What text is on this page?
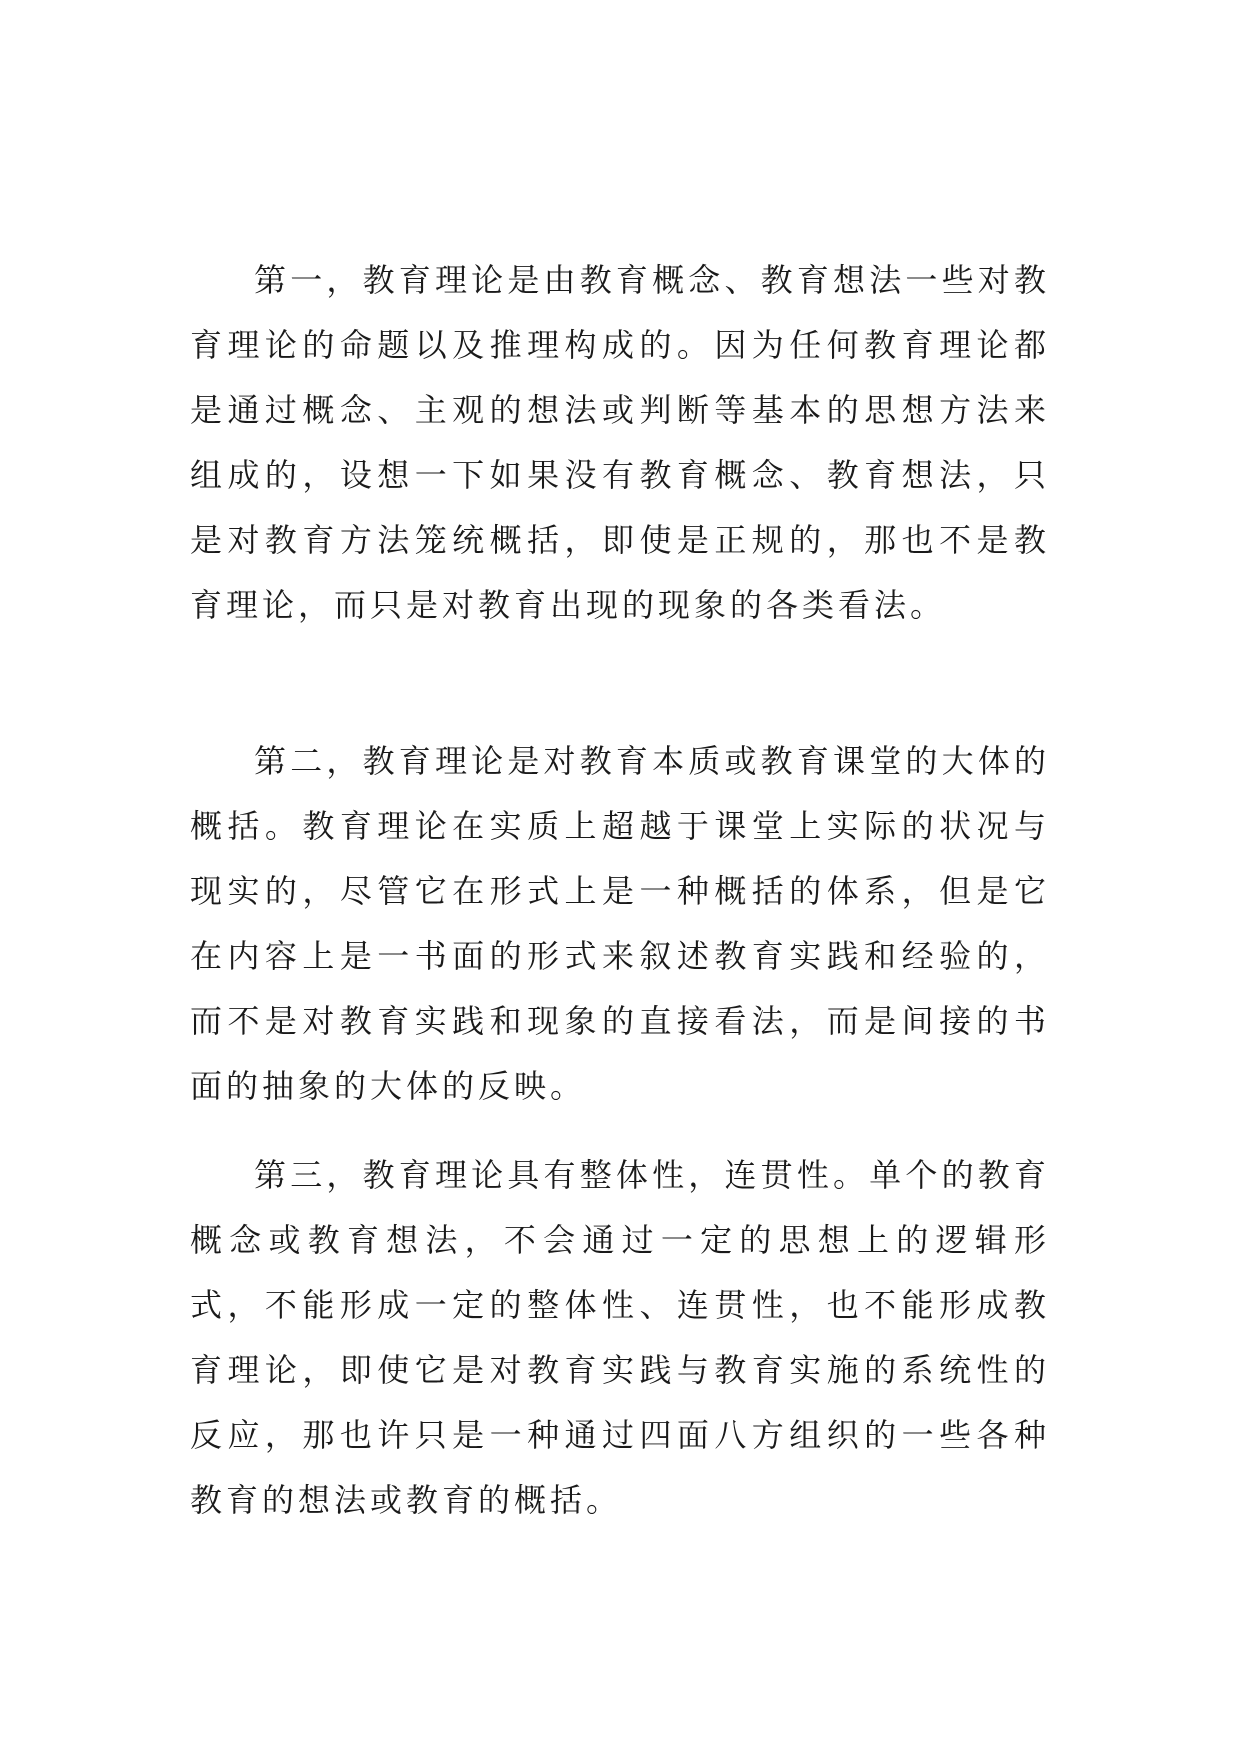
第一，教育理论是由教育概念、教育想法一些对教育理论的命题以及推理构成的。因为任何教育理论都是通过概念、主观的想法或判断等基本的思想方法来组成的，设想一下如果没有教育概念、教育想法，只是对教育方法笼统概括，即使是正规的，那也不是教育理论，而只是对教育出现的现象的各类看法。

第二，教育理论是对教育本质或教育课堂的大体的概括。教育理论在实质上超越于课堂上实际的状况与现实的，尽管它在形式上是一种概括的体系，但是它在内容上是一书面的形式来叙述教育实践和经验的，而不是对教育实践和现象的直接看法，而是间接的书面的抽象的大体的反映。

第三，教育理论具有整体性，连贯性。单个的教育概念或教育想法，不会通过一定的思想上的逻辑形式，不能形成一定的整体性、连贯性，也不能形成教育理论，即使它是对教育实践与教育实施的系统性的反应，那也许只是一种通过四面八方组织的一些各种教育的想法或教育的概括。
